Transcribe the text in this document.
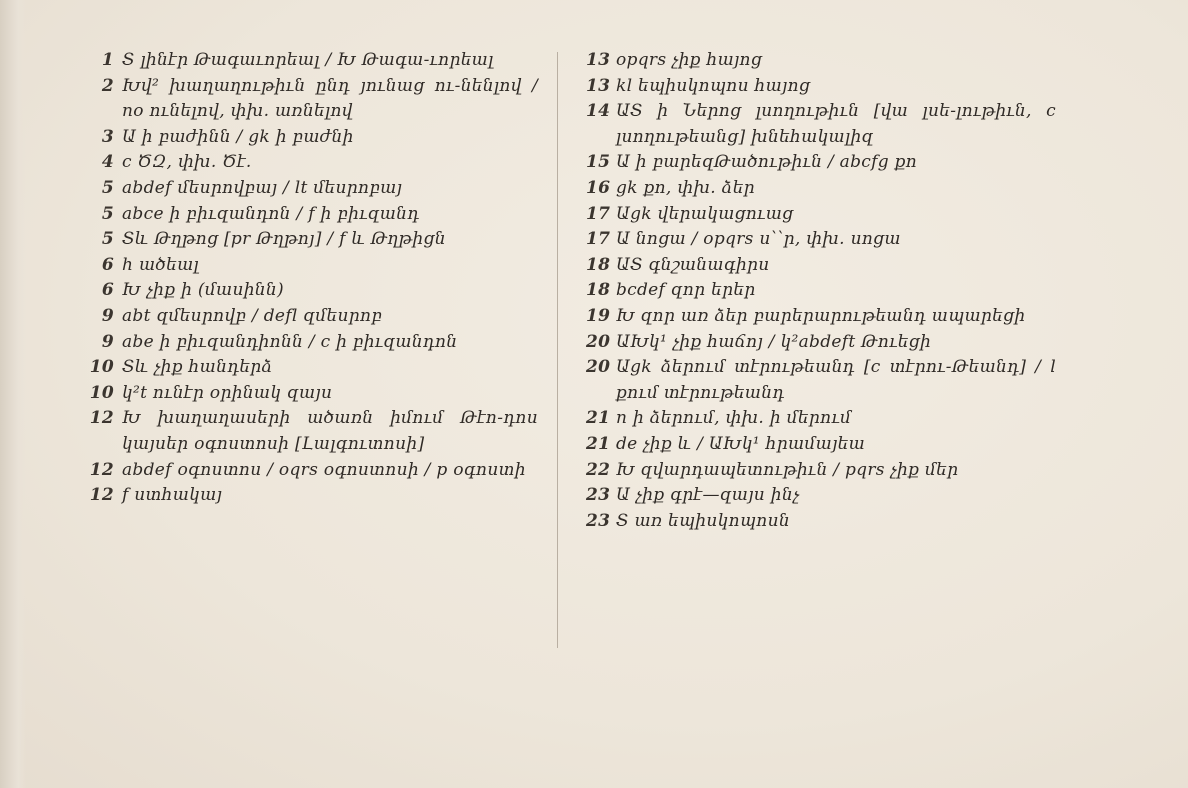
1 Տ լինէր Թագաւորեալ / Խ Թագա-ւորեալ
2 Խվ² խաղաղութիւն ընդ յունաց ու-նենլով / no ունելով, փխ. առնելով
3 Ա ի բաժինն / gk ի բաժնի
4 c ԾԶ, փխ. Ծէ.
5 abdef մեսրովբայ / lt մեսրոբայ
5 abce ի բիւզանդոն / f ի բիւզանդ
5 Տև Թղթոց [pr Թղթոյ] / f և Թղթիցն
6 h ածեալ
6 Խ չիք ի (մասինն)
9 abt զմեսրովբ / defl զմեսրոբ
9 abe ի բիւզանդիոնն / c ի բիւզանդոն
10 Տև չիք հանդերձ
10 կ²t ունէր օրինակ զայս
12 Խ խաղաղասերի ածառն իմում Թէո-դոս կայսեր օգոստոսի [Լալգուտոսի]
12 abdef օգոստոս / oqrs օգոստոսի / p օգոստի
12 f ստհակայ
13 opqrs չիք հայոց
13 kl եպիսկոպոս հայոց
14 ԱՏ ի Ներոց լսողութիւն [վա լսե-լութիւն, c լսողութեանց] խնեհակալիզ
15 Ա ի բարեզԹածութիւն / abcfg քո
16 gk քո, փխ. ձեր
17 Աgk վերակացուաց
17 Ա նոցա / opqrs ս՝՝ր, փխ. սոցա
18 ԱՏ գնշանագիրս
18 bcdef զոր երեր
19 Խ զոր առ ձեր բարերարութեանդ ապարեցի
20 ԱԽկ¹ չիք հաճոյ / կ²abdeft Թուեցի
20 Աgk ձերում տէրութեանդ [c տէրու-Թեանդ] / l քում տէրութեանդ
21 n ի ձերում, փխ. ի մերում
21 de չիք և / ԱԽկ¹ հրամայեա
22 Խ զվարդապետութիւն / pqrs չիք մեր
23 Ա չիք գրէ—զայս ինչ
23 Տ առ եպիսկոպոսն
